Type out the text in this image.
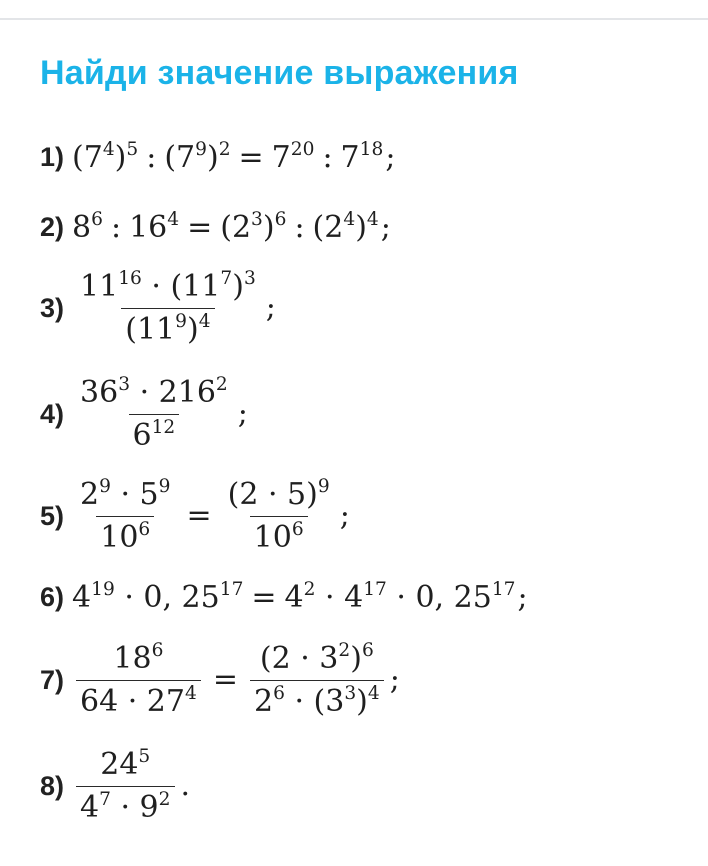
Найди значение выражения
1) $(7^4)^5$ : $(7^9)^2 = 7^{20}$ : $7^{18}$;
2) $8^6$ : $16^4 = (2^3)^6$ : $(2^4)^4$;
$3) \frac{11^{16} \cdot (11^7)^3}{(11^9)^4}$ ;
$4) \frac{36^3 \cdot 216^2}{6^{12}}$ ;
$5) \frac{2^9 \cdot 5^9}{10^6} = \frac{(2 \cdot 5)^9}{10^6}$ ;
6) $4^{19} \cdot 0$, $25^{17} = 4^2 \cdot 4^{17} \cdot 0$, $25^{17}$;
$7) \frac{18^6}{64 \cdot 27^4} = \frac{(2 \cdot 3^2)^6}{2^6 \cdot (3^3)^4}$ ;
$8) \frac{24^5}{4^7 \cdot 9^2}$ .
